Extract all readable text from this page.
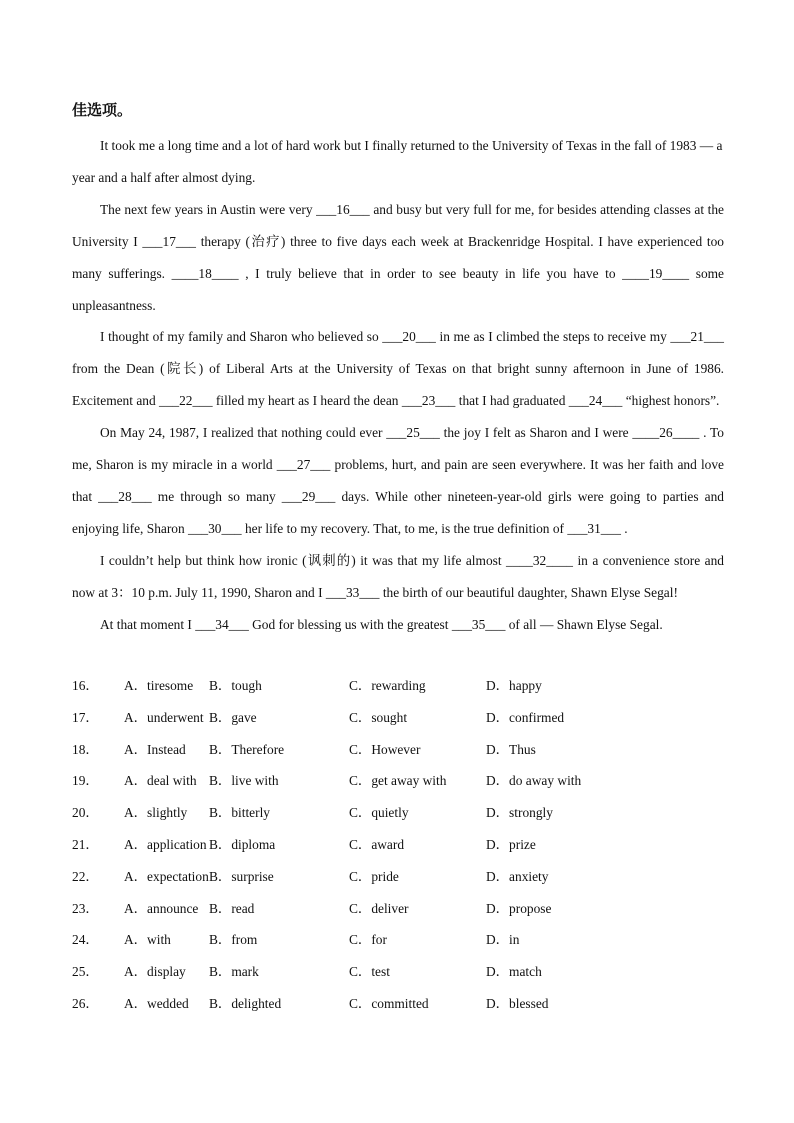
佳选项。

It took me a long time and a lot of hard work but I finally returned to the University of Texas in the fall of 1983 — a year and a half after almost dying.

The next few years in Austin were very ___16___ and busy but very full for me, for besides attending classes at the University I ___17___ therapy (治疗) three to five days each week at Brackenridge Hospital. I have experienced too many sufferings. ____18____ , I truly believe that in order to see beauty in life you have to ____19____ some unpleasantness.

I thought of my family and Sharon who believed so ___20___ in me as I climbed the steps to receive my ___21___ from the Dean (院长) of Liberal Arts at the University of Texas on that bright sunny afternoon in June of 1986. Excitement and ___22___ filled my heart as I heard the dean ___23___ that I had graduated ___24___ “highest honors”.

On May 24, 1987, I realized that nothing could ever ___25___ the joy I felt as Sharon and I were ____26____ . To me, Sharon is my miracle in a world ___27___ problems, hurt, and pain are seen everywhere. It was her faith and love that ___28___ me through so many ___29___ days. While other nineteen-year-old girls were going to parties and enjoying life, Sharon ___30___ her life to my recovery. That, to me, is the true definition of ___31___ .

I couldn’t help but think how ironic (讽刺的) it was that my life almost ____32____ in a convenience store and now at 3：10 p.m. July 11, 1990, Sharon and I ___33___ the birth of our beautiful daughter, Shawn Elyse Segal!

At that moment I ___34___ God for blessing us with the greatest ___35___ of all — Shawn Elyse Segal.

16． A．tiresome B．tough	C．rewarding	D．happy
17． A．underwent B．gave	C．sought	D．confirmed
18． A．Instead B．Therefore	C．However	D．Thus
19． A．deal with B．live with	C．get away with	D．do away with
20． A．slightly B．bitterly	C．quietly	D．strongly
21． A．application B．diploma	C．award	D．prize
22． A．expectation B．surprise	C．pride	D．anxiety
23． A．announce B．read	C．deliver	D．propose
24． A．with	B．from	C．for	D．in
25． A．display B．mark	C．test	D．match
26． A．wedded B．delighted	C．committed	D．blessed
